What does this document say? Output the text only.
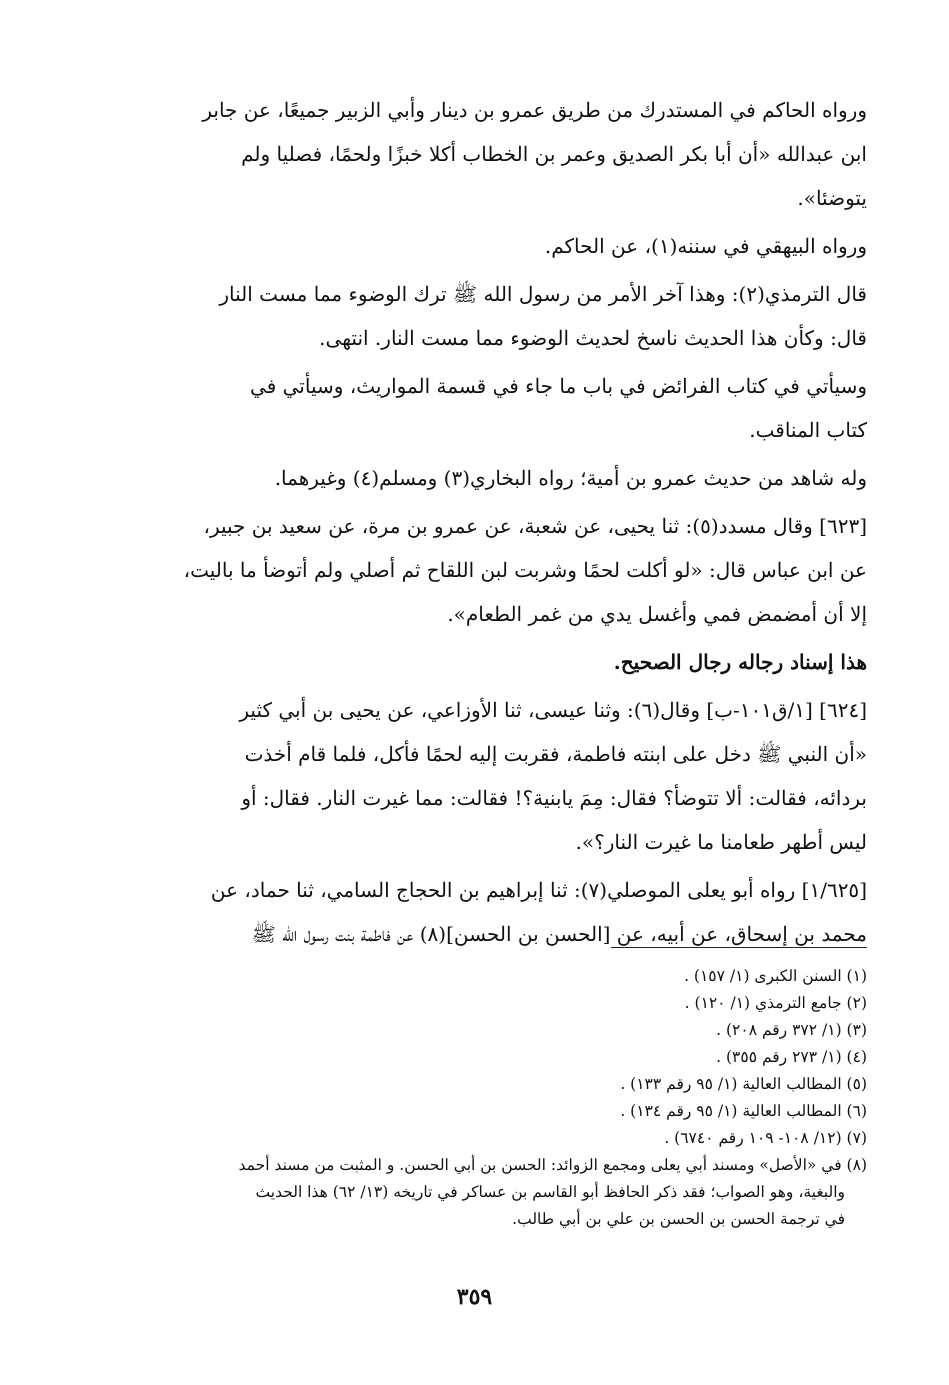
ورواه الحاكم في المستدرك من طريق عمرو بن دينار وأبي الزبير جميعًا، عن جابر
ابن عبدالله «أن أبا بكر الصديق وعمر بن الخطاب أكلا خبزًا ولحمًا، فصليا ولم
يتوضئا».
ورواه البيهقي في سننه(١)، عن الحاكم.
قال الترمذي(٢): وهذا آخر الأمر من رسول الله ﷺ ترك الوضوء مما مست النار
قال: وكأن هذا الحديث ناسخ لحديث الوضوء مما مست النار. انتهى.
وسيأتي في كتاب الفرائض في باب ما جاء في قسمة المواريث، وسيأتي في
كتاب المناقب.
وله شاهد من حديث عمرو بن أمية؛ رواه البخاري(٣) ومسلم(٤) وغيرهما.
[٦٢٣] وقال مسدد(٥): ثنا يحيى، عن شعبة، عن عمرو بن مرة، عن سعيد بن جبير،
عن ابن عباس قال: «لو أكلت لحمًا وشربت لبن اللقاح ثم أصلي ولم أتوضأ ما باليت،
إلا أن أمضمض فمي وأغسل يدي من غمر الطعام».
هذا إسناد رجاله رجال الصحيح.
[٦٢٤] [١/ق١٠١-ب] وقال(٦): وثنا عيسى، ثنا الأوزاعي، عن يحيى بن أبي كثير
«أن النبي ﷺ دخل على ابنته فاطمة، فقربت إليه لحمًا فأكل، فلما قام أخذت
بردائه، فقالت: ألا تتوضأ؟ فقال: مِمَ يابنية؟! فقالت: مما غيرت النار. فقال: أو
ليس أطهر طعامنا ما غيرت النار؟».
[١/٦٢٥] رواه أبو يعلى الموصلي(٧): ثنا إبراهيم بن الحجاج السامي، ثنا حماد، عن
محمد بن إسحاق، عن أبيه، عن [الحسن بن الحسن](٨) عن فاطمة بنت رسول الله ﷺ
(١) السنن الكبرى (١/ ١٥٧) .
(٢) جامع الترمذي (١/ ١٢٠) .
(٣) (١/ ٣٧٢ رقم ٢٠٨) .
(٤) (١/ ٢٧٣ رقم ٣٥٥) .
(٥) المطالب العالية (١/ ٩٥ رقم ١٣٣) .
(٦) المطالب العالية (١/ ٩٥ رقم ١٣٤) .
(٧) (١٢/ ١٠٨- ١٠٩ رقم ٦٧٤٠) .
(٨) في «الأصل» ومسند أبي يعلى ومجمع الزوائد: الحسن بن أبي الحسن. و المثبت من مسند أحمد
والبغية، وهو الصواب؛ فقد ذكر الحافظ أبو القاسم بن عساكر في تاريخه (١٣/ ٦٢) هذا الحديث
في ترجمة الحسن بن الحسن بن علي بن أبي طالب.
٣٥٩
